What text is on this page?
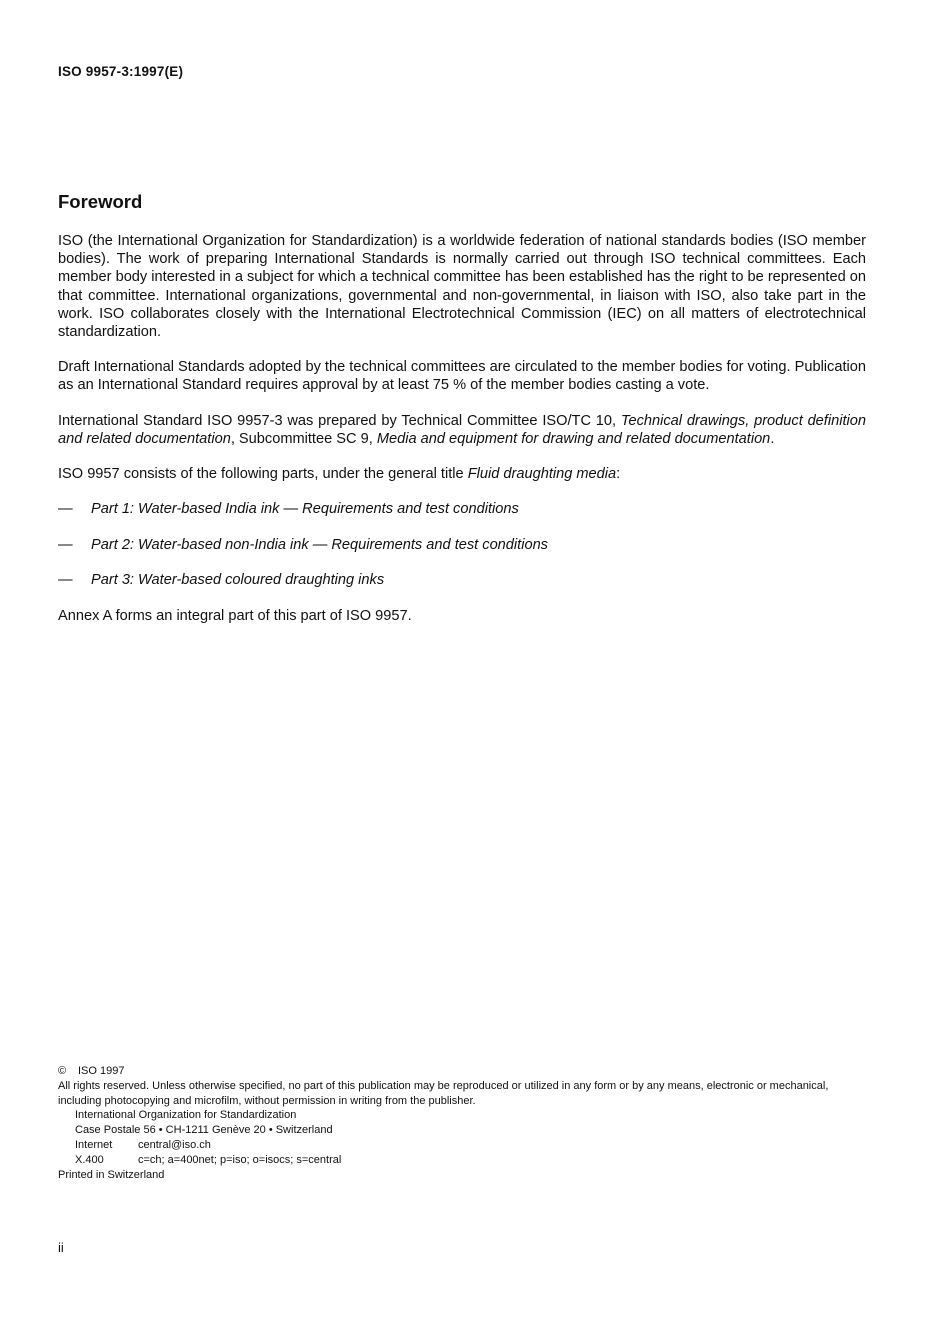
ISO 9957-3:1997(E)
Foreword

ISO (the International Organization for Standardization) is a worldwide federation of national standards bodies (ISO member bodies). The work of preparing International Standards is normally carried out through ISO technical committees. Each member body interested in a subject for which a technical committee has been established has the right to be represented on that committee. International organizations, governmental and non-governmental, in liaison with ISO, also take part in the work. ISO collaborates closely with the International Electrotechnical Commission (IEC) on all matters of electrotechnical standardization.

Draft International Standards adopted by the technical committees are circulated to the member bodies for voting. Publication as an International Standard requires approval by at least 75 % of the member bodies casting a vote.

International Standard ISO 9957-3 was prepared by Technical Committee ISO/TC 10, Technical drawings, product definition and related documentation, Subcommittee SC 9, Media and equipment for drawing and related documentation.

ISO 9957 consists of the following parts, under the general title Fluid draughting media:

—	Part 1: Water-based India ink — Requirements and test conditions
—	Part 2: Water-based non-India ink — Requirements and test conditions
—	Part 3: Water-based coloured draughting inks

Annex A forms an integral part of this part of ISO 9957.

© ISO 1997
All rights reserved. Unless otherwise specified, no part of this publication may be reproduced or utilized in any form or by any means, electronic or mechanical, including photocopying and microfilm, without permission in writing from the publisher.
International Organization for Standardization
Case Postale 56 • CH-1211 Genève 20 • Switzerland
Internet central@iso.ch
X.400	c=ch; a=400net; p=iso; o=isocs; s=central
Printed in Switzerland
ii
